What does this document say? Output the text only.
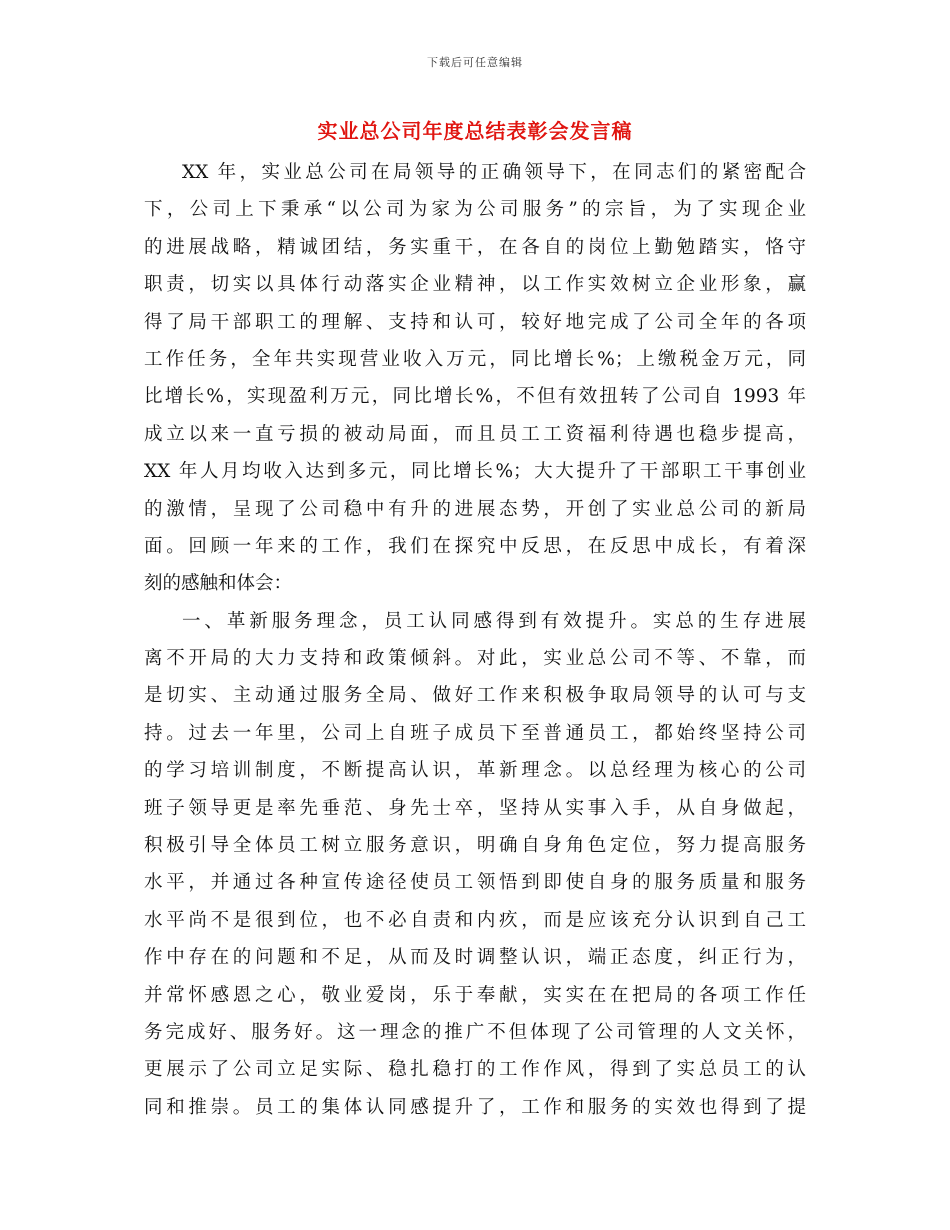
下载后可任意编辑
实业总公司年度总结表彰会发言稿
XX 年，实业总公司在局领导的正确领导下，在同志们的紧密配合
下，公司上下秉承“以公司为家为公司服务”的宗旨，为了实现企业
的进展战略，精诚团结，务实重干，在各自的岗位上勤勉踏实，恪守
职责，切实以具体行动落实企业精神，以工作实效树立企业形象，赢
得了局干部职工的理解、支持和认可，较好地完成了公司全年的各项
工作任务，全年共实现营业收入万元，同比增长%；上缴税金万元，同
比增长%，实现盈利万元，同比增长%，不但有效扭转了公司自 1993 年
成立以来一直亏损的被动局面，而且员工工资福利待遇也稳步提高，
XX 年人月均收入达到多元，同比增长%；大大提升了干部职工干事创业
的激情，呈现了公司稳中有升的进展态势，开创了实业总公司的新局
面。回顾一年来的工作，我们在探究中反思，在反思中成长，有着深
刻的感触和体会：
一、革新服务理念，员工认同感得到有效提升。实总的生存进展
离不开局的大力支持和政策倾斜。对此，实业总公司不等、不靠，而
是切实、主动通过服务全局、做好工作来积极争取局领导的认可与支
持。过去一年里，公司上自班子成员下至普通员工，都始终坚持公司
的学习培训制度，不断提高认识，革新理念。以总经理为核心的公司
班子领导更是率先垂范、身先士卒，坚持从实事入手，从自身做起，
积极引导全体员工树立服务意识，明确自身角色定位，努力提高服务
水平，并通过各种宣传途径使员工领悟到即使自身的服务质量和服务
水平尚不是很到位，也不必自责和内疚，而是应该充分认识到自己工
作中存在的问题和不足，从而及时调整认识，端正态度，纠正行为，
并常怀感恩之心，敬业爱岗，乐于奉献，实实在在把局的各项工作任
务完成好、服务好。这一理念的推广不但体现了公司管理的人文关怀，
更展示了公司立足实际、稳扎稳打的工作作风，得到了实总员工的认
同和推崇。员工的集体认同感提升了，工作和服务的实效也得到了提
